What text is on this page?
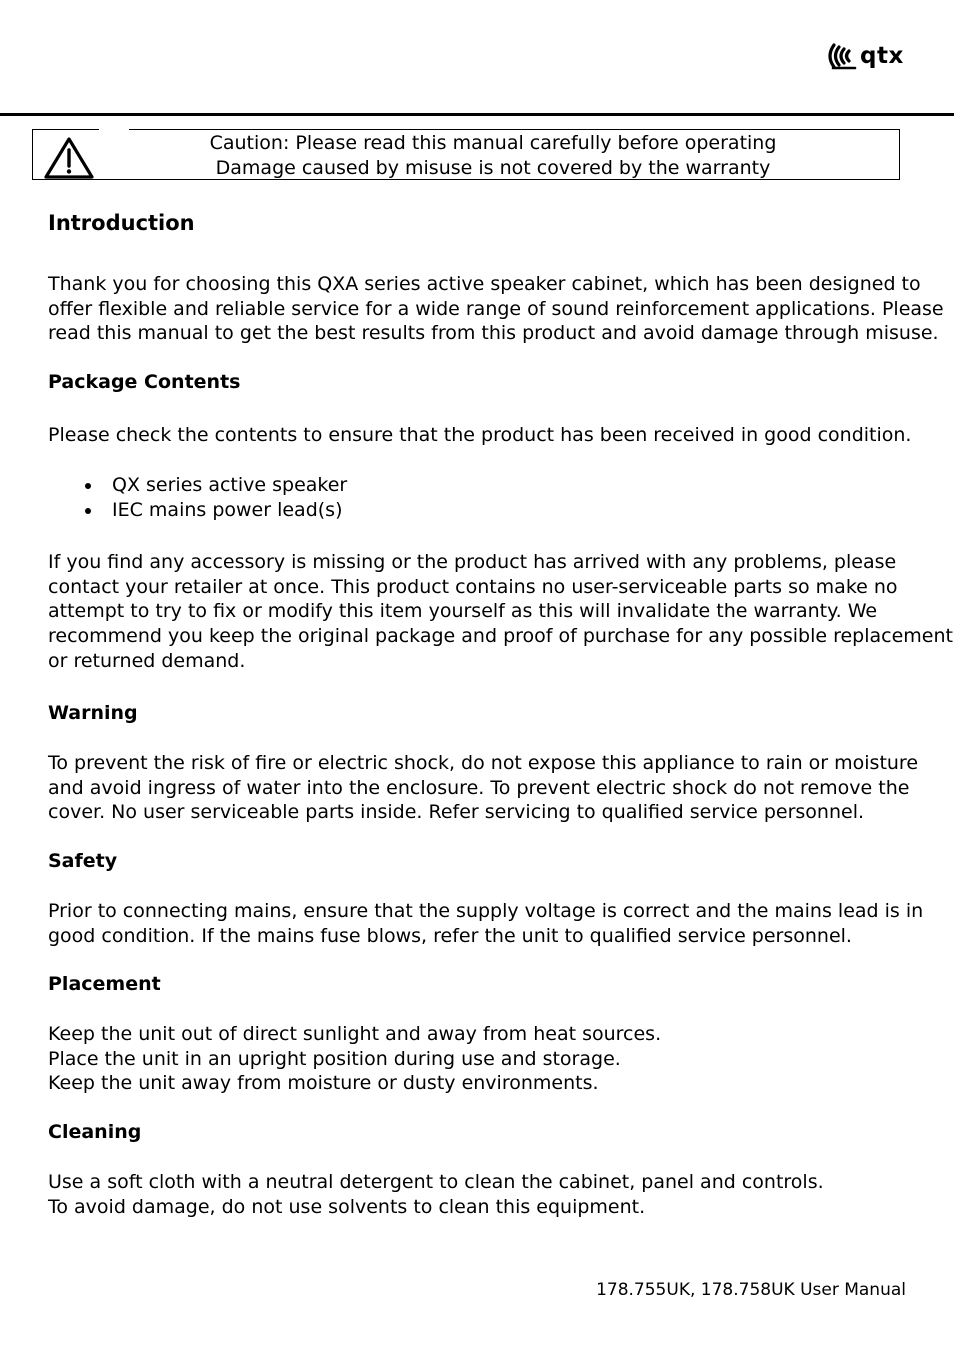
qtx
Caution: Please read this manual carefully before operating
Damage caused by misuse is not covered by the warranty
Introduction
Thank you for choosing this QXA series active speaker cabinet, which has been designed to
offer flexible and reliable service for a wide range of sound reinforcement applications. Please
read this manual to get the best results from this product and avoid damage through misuse.
Package Contents
Please check the contents to ensure that the product has been received in good condition.
QX series active speaker
IEC mains power lead(s)
If you find any accessory is missing or the product has arrived with any problems, please
contact your retailer at once. This product contains no user-serviceable parts so make no
attempt to try to fix or modify this item yourself as this will invalidate the warranty. We
recommend you keep the original package and proof of purchase for any possible replacement
or returned demand.
Warning
To prevent the risk of fire or electric shock, do not expose this appliance to rain or moisture
and avoid ingress of water into the enclosure. To prevent electric shock do not remove the
cover. No user serviceable parts inside. Refer servicing to qualified service personnel.
Safety
Prior to connecting mains, ensure that the supply voltage is correct and the mains lead is in
good condition. If the mains fuse blows, refer the unit to qualified service personnel.
Placement
Keep the unit out of direct sunlight and away from heat sources.
Place the unit in an upright position during use and storage.
Keep the unit away from moisture or dusty environments.
Cleaning
Use a soft cloth with a neutral detergent to clean the cabinet, panel and controls.
To avoid damage, do not use solvents to clean this equipment.
178.755UK, 178.758UK User Manual
